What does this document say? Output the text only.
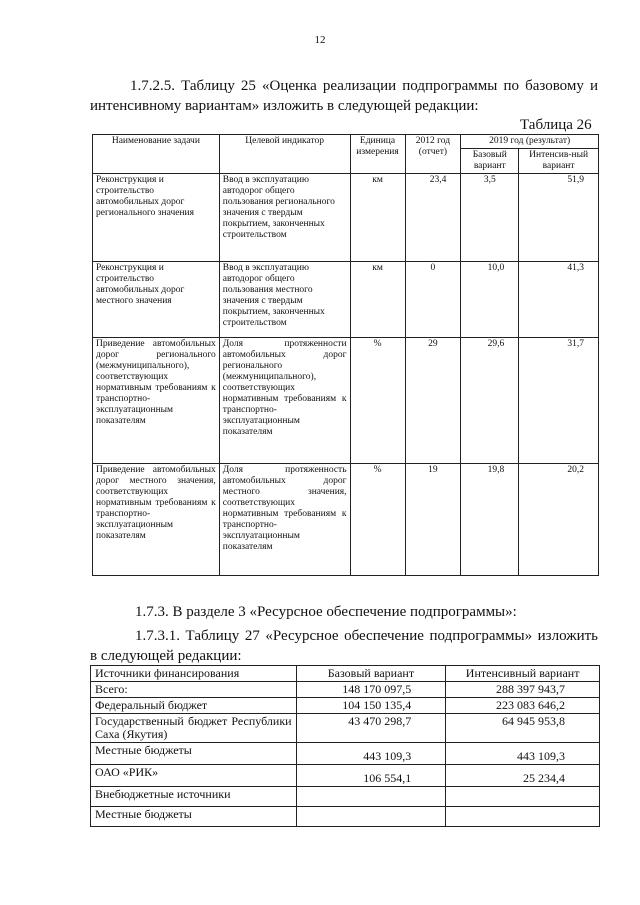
12

1.7.2.5. Таблицу 25 «Оценка реализации подпрограммы по базовому и интенсивному вариантам» изложить в следующей редакции:

Таблица 26
Наименование задачи	Целевой индикатор	Единица измерения	2012 год (отчет)	2019 год (результат)	
				Базовый вариант	Интенсив-ный вариант
Реконструкция и строительство автомобильных дорог регионального значения	Ввод в эксплуатацию автодорог общего пользования регионального значения с твердым покрытием, законченных строительством	км	23,4	3,5	51,9
Реконструкция и строительство автомобильных дорог местного значения	Ввод в эксплуатацию автодорог общего пользования местного значения с твердым покрытием, законченных строительством	км	0	10,0	41,3
Приведение автомобильных дорог регионального (межмуниципального), соответствующих нормативным требованиям к транспортно-эксплуатационным показателям	Доля протяженности автомобильных дорог регионального (межмуниципального), соответствующих нормативным требованиям к транспортно-эксплуатационным показателям	%	29	29,6	31,7
Приведение автомобильных дорог местного значения, соответствующих нормативным требованиям к транспортно-эксплуатационным показателям	Доля протяженность автомобильных дорог местного значения, соответствующих нормативным требованиям к транспортно-эксплуатационным показателям	%	19	19,8	20,2
1.7.3. В разделе 3 «Ресурсное обеспечение подпрограммы»:

1.7.3.1. Таблицу 27 «Ресурсное обеспечение подпрограммы» изложить в следующей редакции:

Источники финансирования	Базовый вариант	Интенсивный вариант
Всего:	148 170 097,5	288 397 943,7
Федеральный бюджет	104 150 135,4	223 083 646,2
Государственный бюджет Республики Саха (Якутия)	43 470 298,7	64 945 953,8
Местные бюджеты	443 109,3	443 109,3
ОАО «РИК»	106 554,1	25 234,4
Внебюджетные источники		
Местные бюджеты		
